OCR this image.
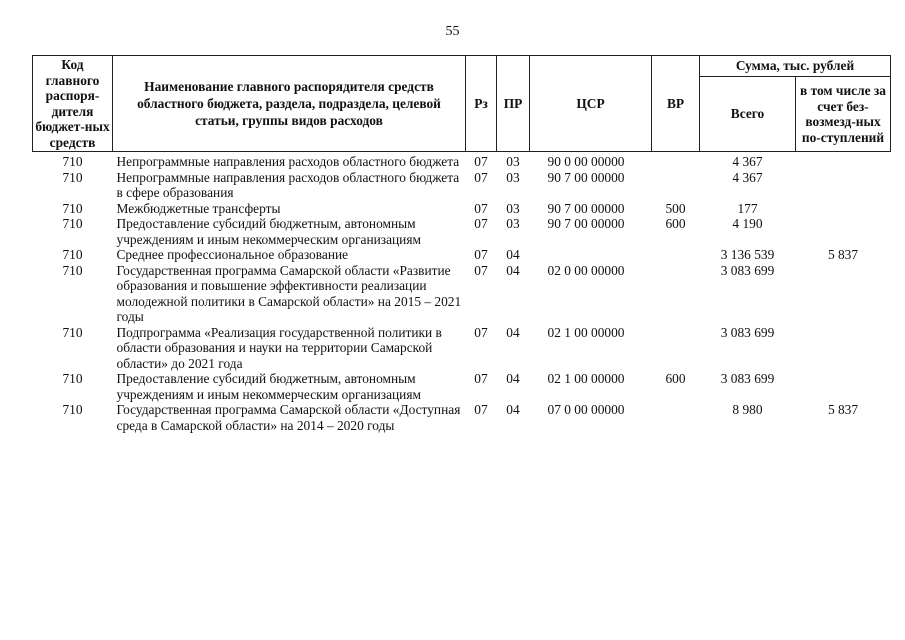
55
Код главного распоря-дителя бюджет-ных средств	Наименование главного распорядителя средств областного бюджета, раздела, подраздела, целевой статьи, группы видов расходов	Рз	ПР	ЦСР	ВР	Сумма, тыс. рублей	
						Всего	в том числе за счет без-возмезд-ных по-ступлений
710	Непрограммные направления расходов областного бюджета	07	03	90 0 00 00000		4 367	
710	Непрограммные направления расходов областного бюджета в сфере образования	07	03	90 7 00 00000		4 367	
710	Межбюджетные трансферты	07	03	90 7 00 00000	500	177	
710	Предоставление субсидий бюджетным, автономным учреждениям и иным некоммерческим организациям	07	03	90 7 00 00000	600	4 190	
710	Среднее профессиональное образование	07	04			3 136 539	5 837
710	Государственная программа Самарской области «Развитие образования и повышение эффективности реализации молодежной политики в Самарской области» на 2015 – 2021 годы	07	04	02 0 00 00000		3 083 699	
710	Подпрограмма «Реализация государственной политики в области образования и науки на территории Самарской области» до 2021 года	07	04	02 1 00 00000		3 083 699	
710	Предоставление субсидий бюджетным, автономным учреждениям и иным некоммерческим организациям	07	04	02 1 00 00000	600	3 083 699	
710	Государственная программа Самарской области «Доступная среда в Самарской области» на 2014 – 2020 годы	07	04	07 0 00 00000		8 980	5 837
